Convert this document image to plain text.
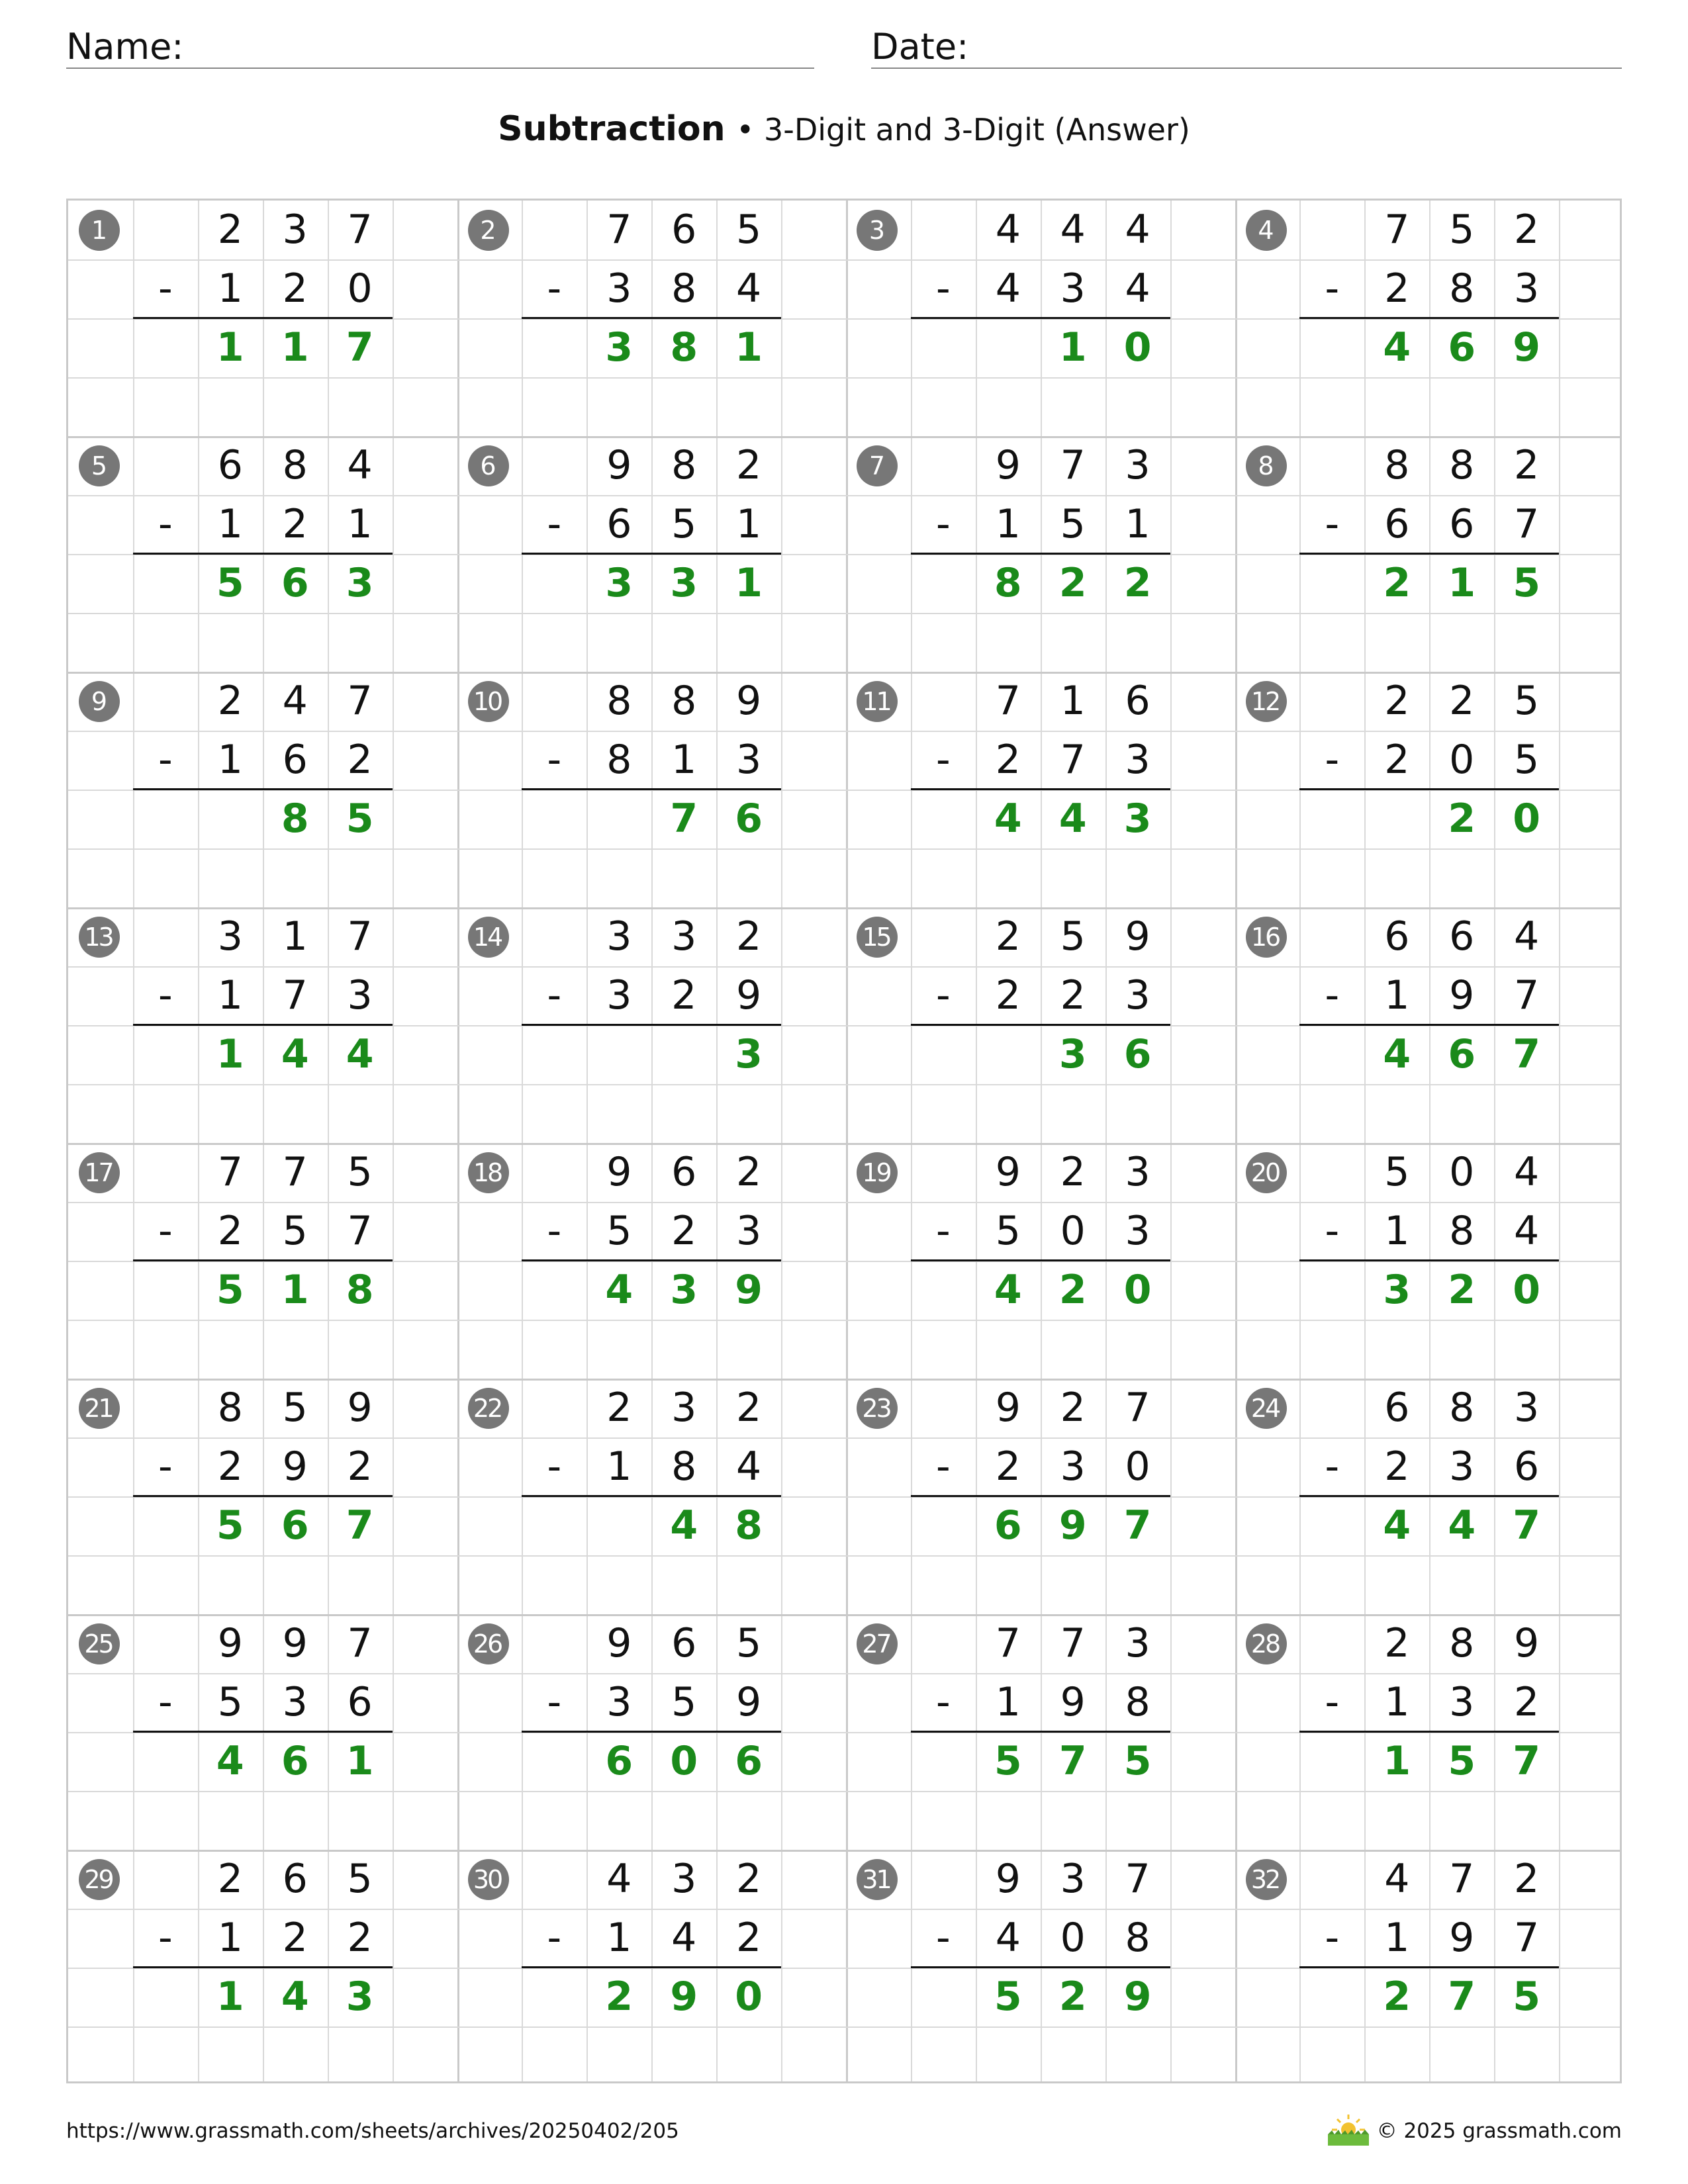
Name:	Date:
Subtraction • 3-Digit and 3-Digit (Answer)
1	2 3 7
-	1 2 0
1 1 7
2	7 6 5
-	3 8 4
3 8 1
3	4 4 4
-	4 3 4
1 0
4	7 5 2
-	2 8 3
4 6 9
5	6 8 4
-	1 2 1
5 6 3
6	9 8 2
-	6 5 1
3 3 1
7	9 7 3
-	1 5 1
8 2 2
8	8 8 2
-	6 6 7
2 1 5
9	2 4 7
-	1 6 2
8 5
10	8 8 9
-	8 1 3
7 6
11	7 1 6
-	2 7 3
4 4 3
12	2 2 5
-	2 0 5
2 0
13	3 1 7
-	1 7 3
1 4 4
14	3 3 2
-	3 2 9
3
15	2 5 9
-	2 2 3
3 6
16	6 6 4
-	1 9 7
4 6 7
17	7 7 5
-	2 5 7
5 1 8
18	9 6 2
-	5 2 3
4 3 9
19	9 2 3
-	5 0 3
4 2 0
20	5 0 4
-	1 8 4
3 2 0
21	8 5 9
-	2 9 2
5 6 7
22	2 3 2
-	1 8 4
4 8
23	9 2 7
-	2 3 0
6 9 7
24	6 8 3
-	2 3 6
4 4 7
25	9 9 7
-	5 3 6
4 6 1
26	9 6 5
-	3 5 9
6 0 6
27	7 7 3
-	1 9 8
5 7 5
28	2 8 9
-	1 3 2
1 5 7
29	2 6 5
-	1 2 2
1 4 3
30	4 3 2
-	1 4 2
2 9 0
31	9 3 7
-	4 0 8
5 2 9
32	4 7 2
-	1 9 7
2 7 5
https://www.grassmath.com/sheets/archives/20250402/205	© 2025 grassmath.com
